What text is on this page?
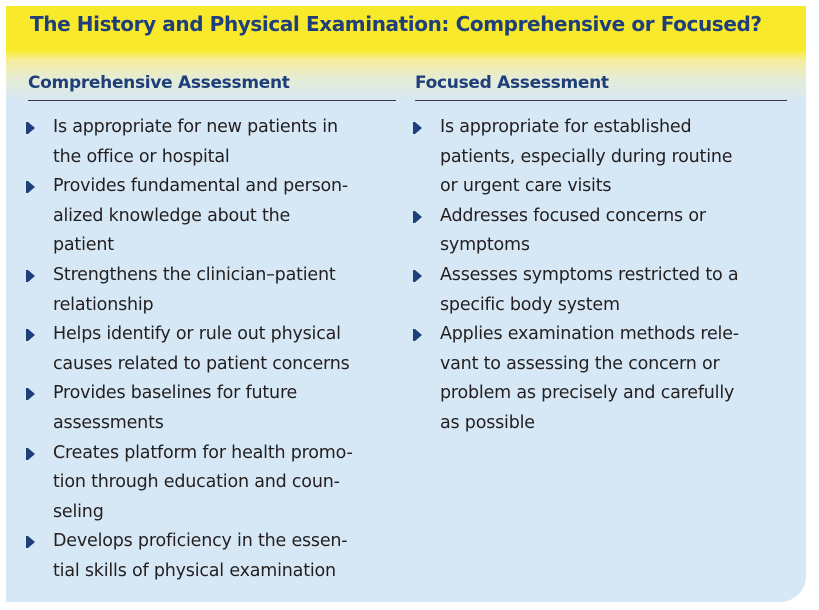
The History and Physical Examination: Comprehensive or Focused?
Comprehensive Assessment
Is appropriate for new patients in
the office or hospital
Provides fundamental and person-
alized knowledge about the
patient
Strengthens the clinician–patient
relationship
Helps identify or rule out physical
causes related to patient concerns
Provides baselines for future
assessments
Creates platform for health promo-
tion through education and coun-
seling
Develops proficiency in the essen-
tial skills of physical examination
Focused Assessment
Is appropriate for established
patients, especially during routine
or urgent care visits
Addresses focused concerns or
symptoms
Assesses symptoms restricted to a
specific body system
Applies examination methods rele-
vant to assessing the concern or
problem as precisely and carefully
as possible
